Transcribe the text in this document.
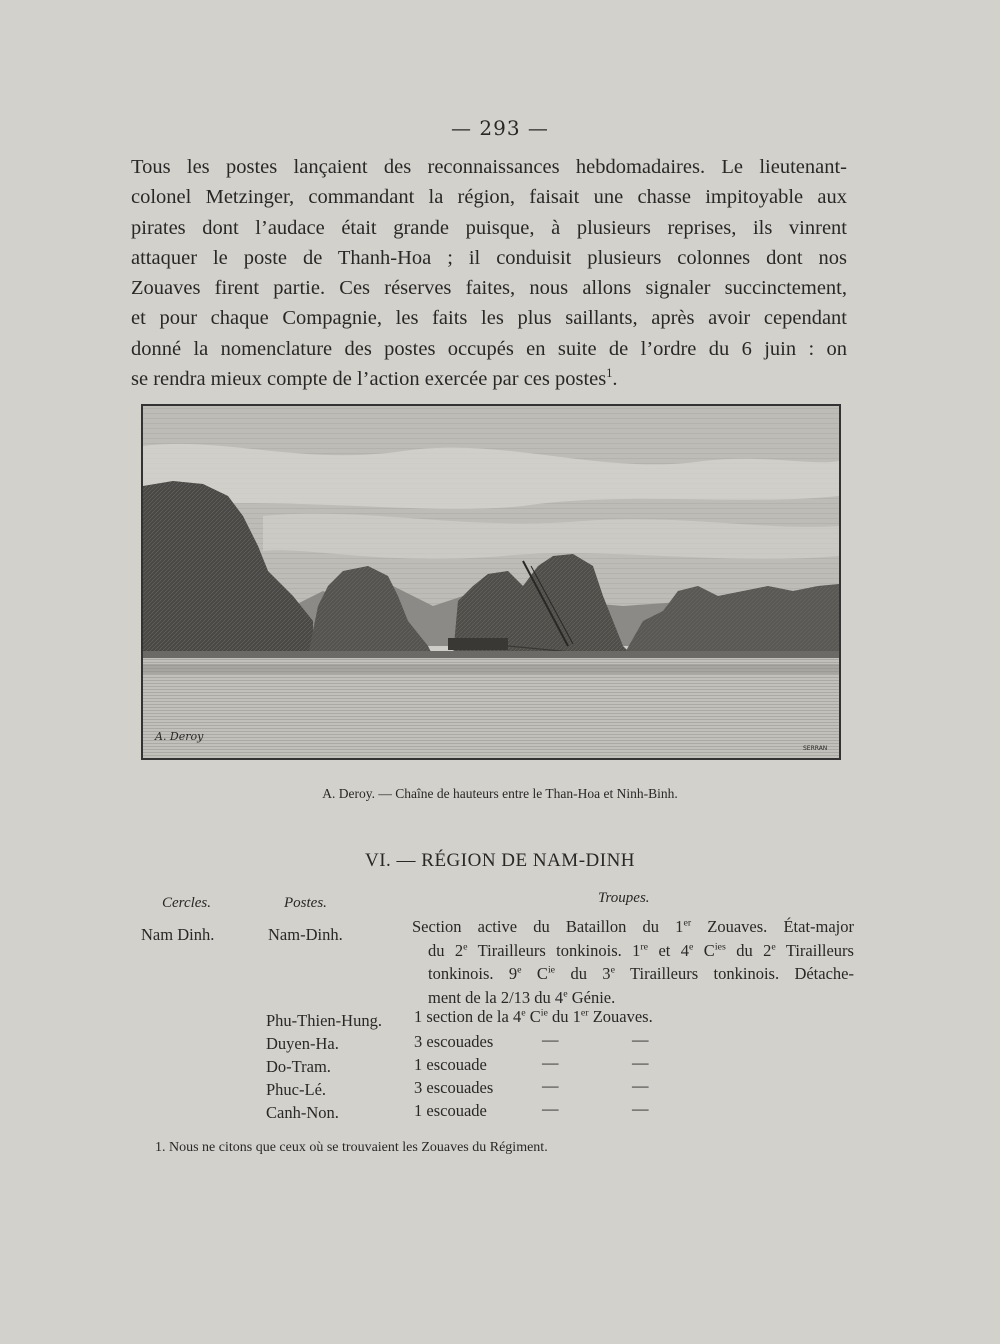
— 293 —
Tous les postes lançaient des reconnaissances hebdomadaires. Le lieutenant-
colonel Metzinger, commandant la région, faisait une chasse impitoyable aux
pirates dont l’audace était grande puisque, à plusieurs reprises, ils vinrent
attaquer le poste de Thanh-Hoa ; il conduisit plusieurs colonnes dont nos
Zouaves firent partie. Ces réserves faites, nous allons signaler succinctement,
et pour chaque Compagnie, les faits les plus saillants, après avoir cependant
donné la nomenclature des postes occupés en suite de l’ordre du 6 juin : on
se rendra mieux compte de l’action exercée par ces postes$^1$.
A. Deroy
SERRAN
A. Deroy. — Chaîne de hauteurs entre le Than-Hoa et Ninh-Binh.
VI. — RÉGION DE NAM-DINH
Cercles.	Postes.	Troupes.
Nam Dinh.	Nam-Dinh.	Section active du Bataillon du 1er Zouaves. État-major
du 2e Tirailleurs tonkinois. 1re et 4e $C^{ies}$ du 2e Tirailleurs
tonkinois. 9e $C^{ie}$ du 3e Tirailleurs tonkinois. Détache-
ment de la 2/13 du 4e Génie.
Phu-Thien-Hung. 1 section de la 4e $C^{ie}$ du 1er Zouaves.
Duyen-Ha.	3 escouades	—	—
Do-Tram.	1 escouade	—	—
Phuc-Lé.	3 escouades	—	—
Canh-Non.	1 escouade	—	—
1. Nous ne citons que ceux où se trouvaient les Zouaves du Régiment.
